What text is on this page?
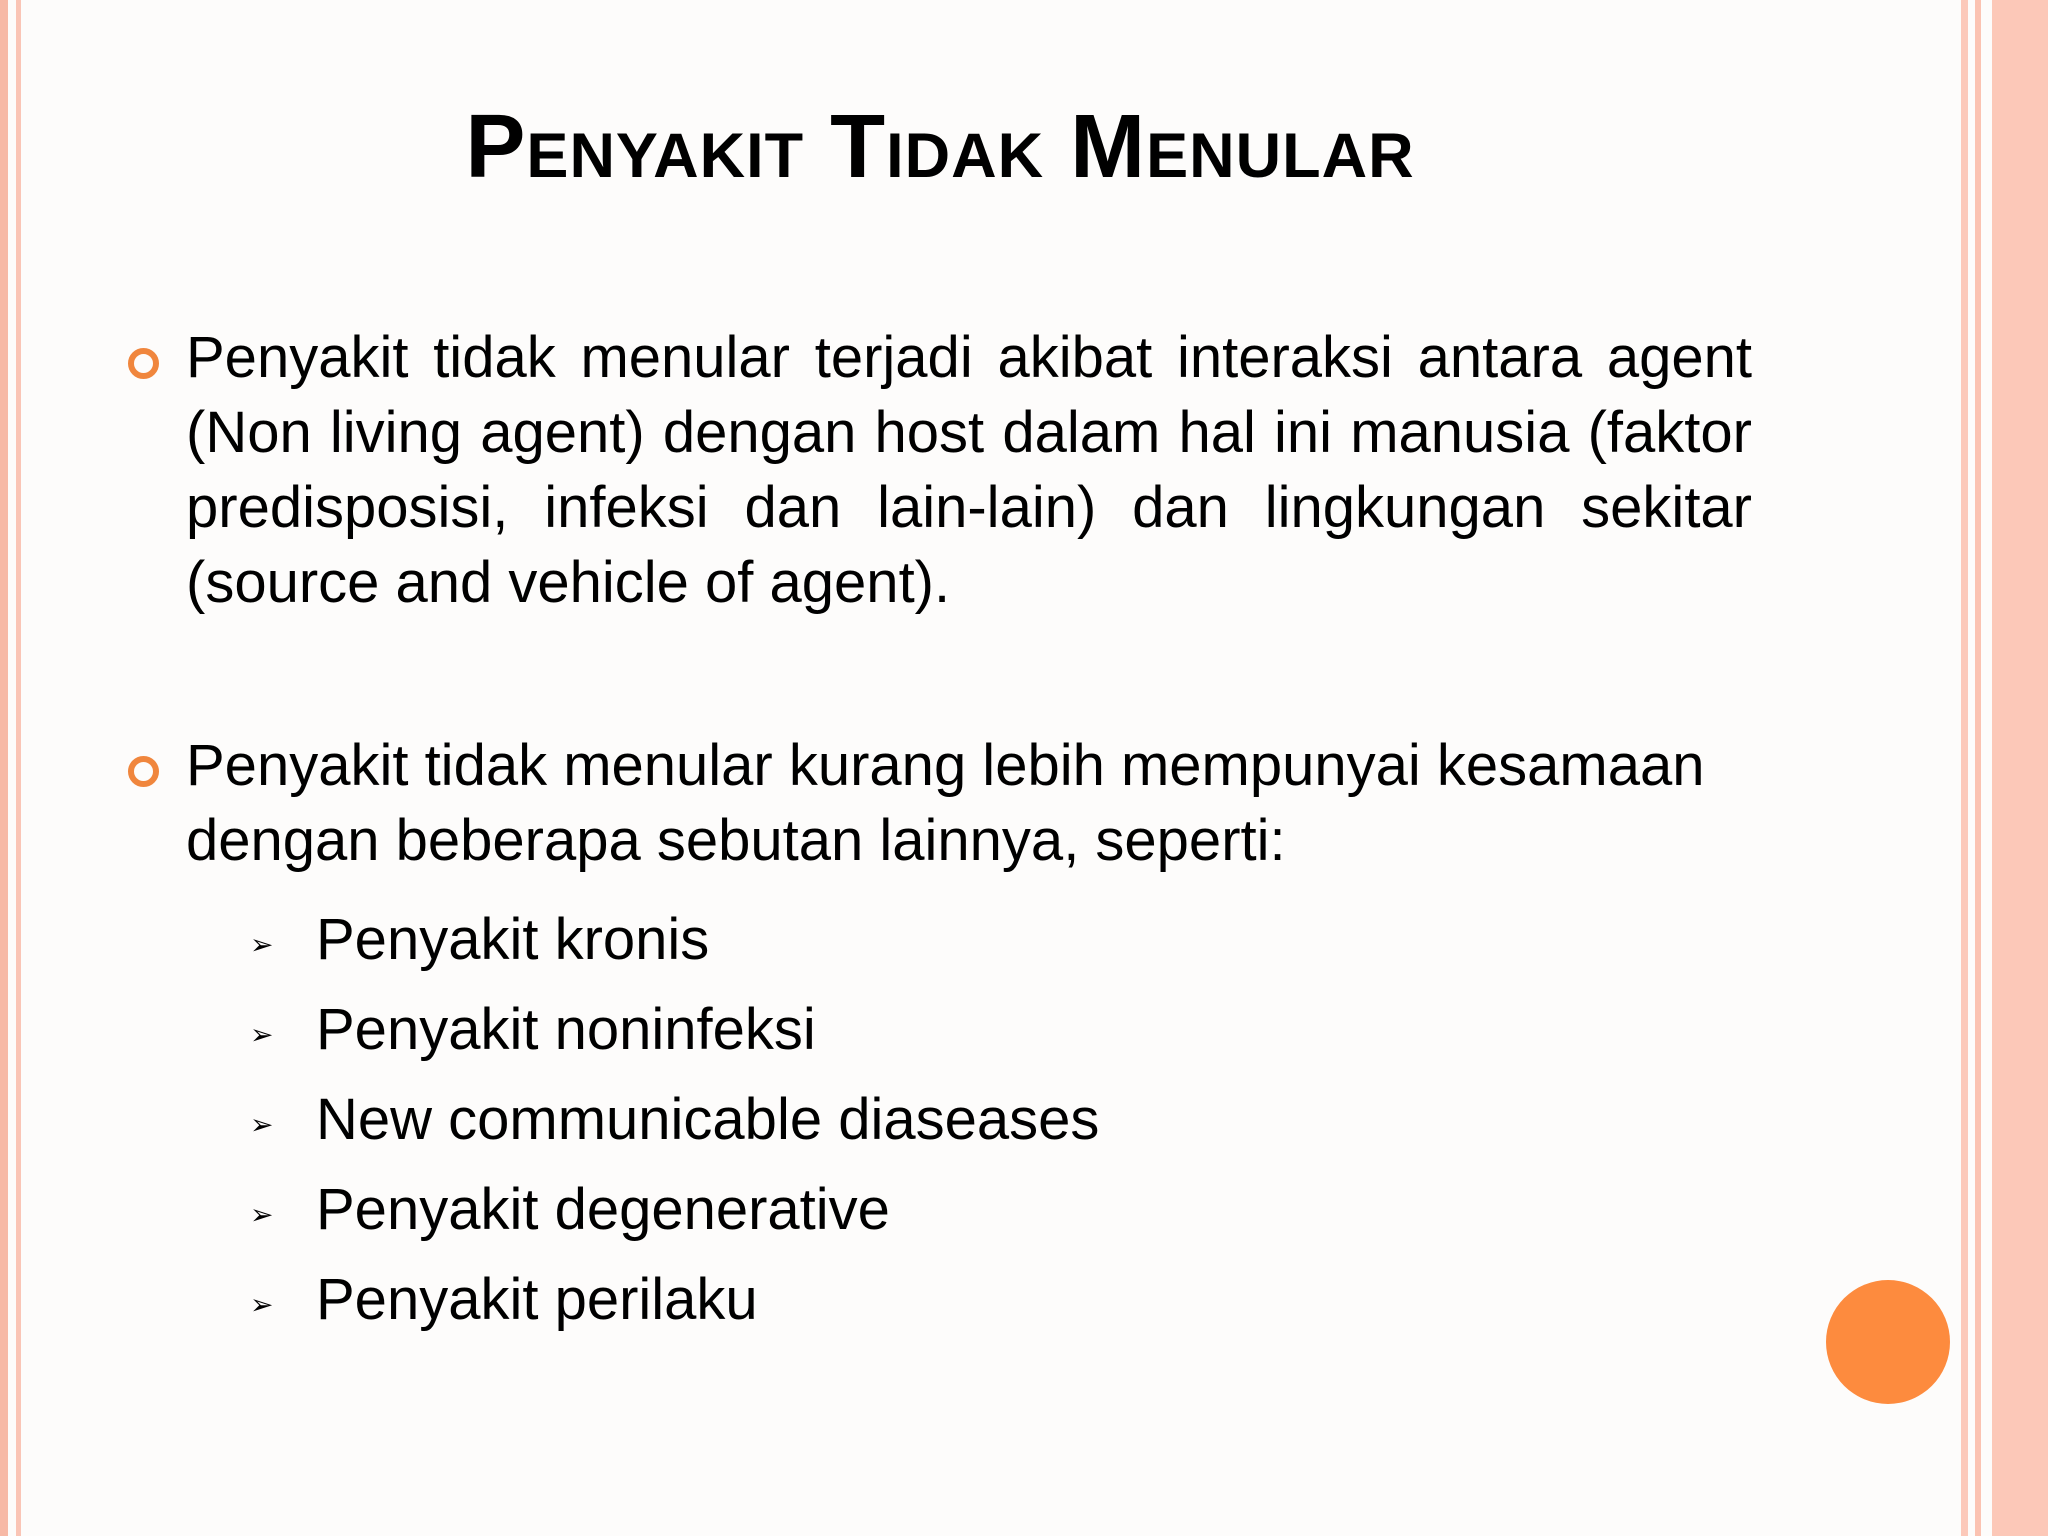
Penyakit Tidak Menular

Penyakit tidak menular terjadi akibat interaksi antara agent (Non living agent) dengan host dalam hal ini manusia (faktor predisposisi, infeksi dan lain-lain) dan lingkungan sekitar (source and vehicle of agent).

Penyakit tidak menular kurang lebih mempunyai kesamaan dengan beberapa sebutan lainnya, seperti:

➢ Penyakit kronis
➢ Penyakit noninfeksi
➢ New communicable diaseases
➢ Penyakit degenerative
➢ Penyakit perilaku
